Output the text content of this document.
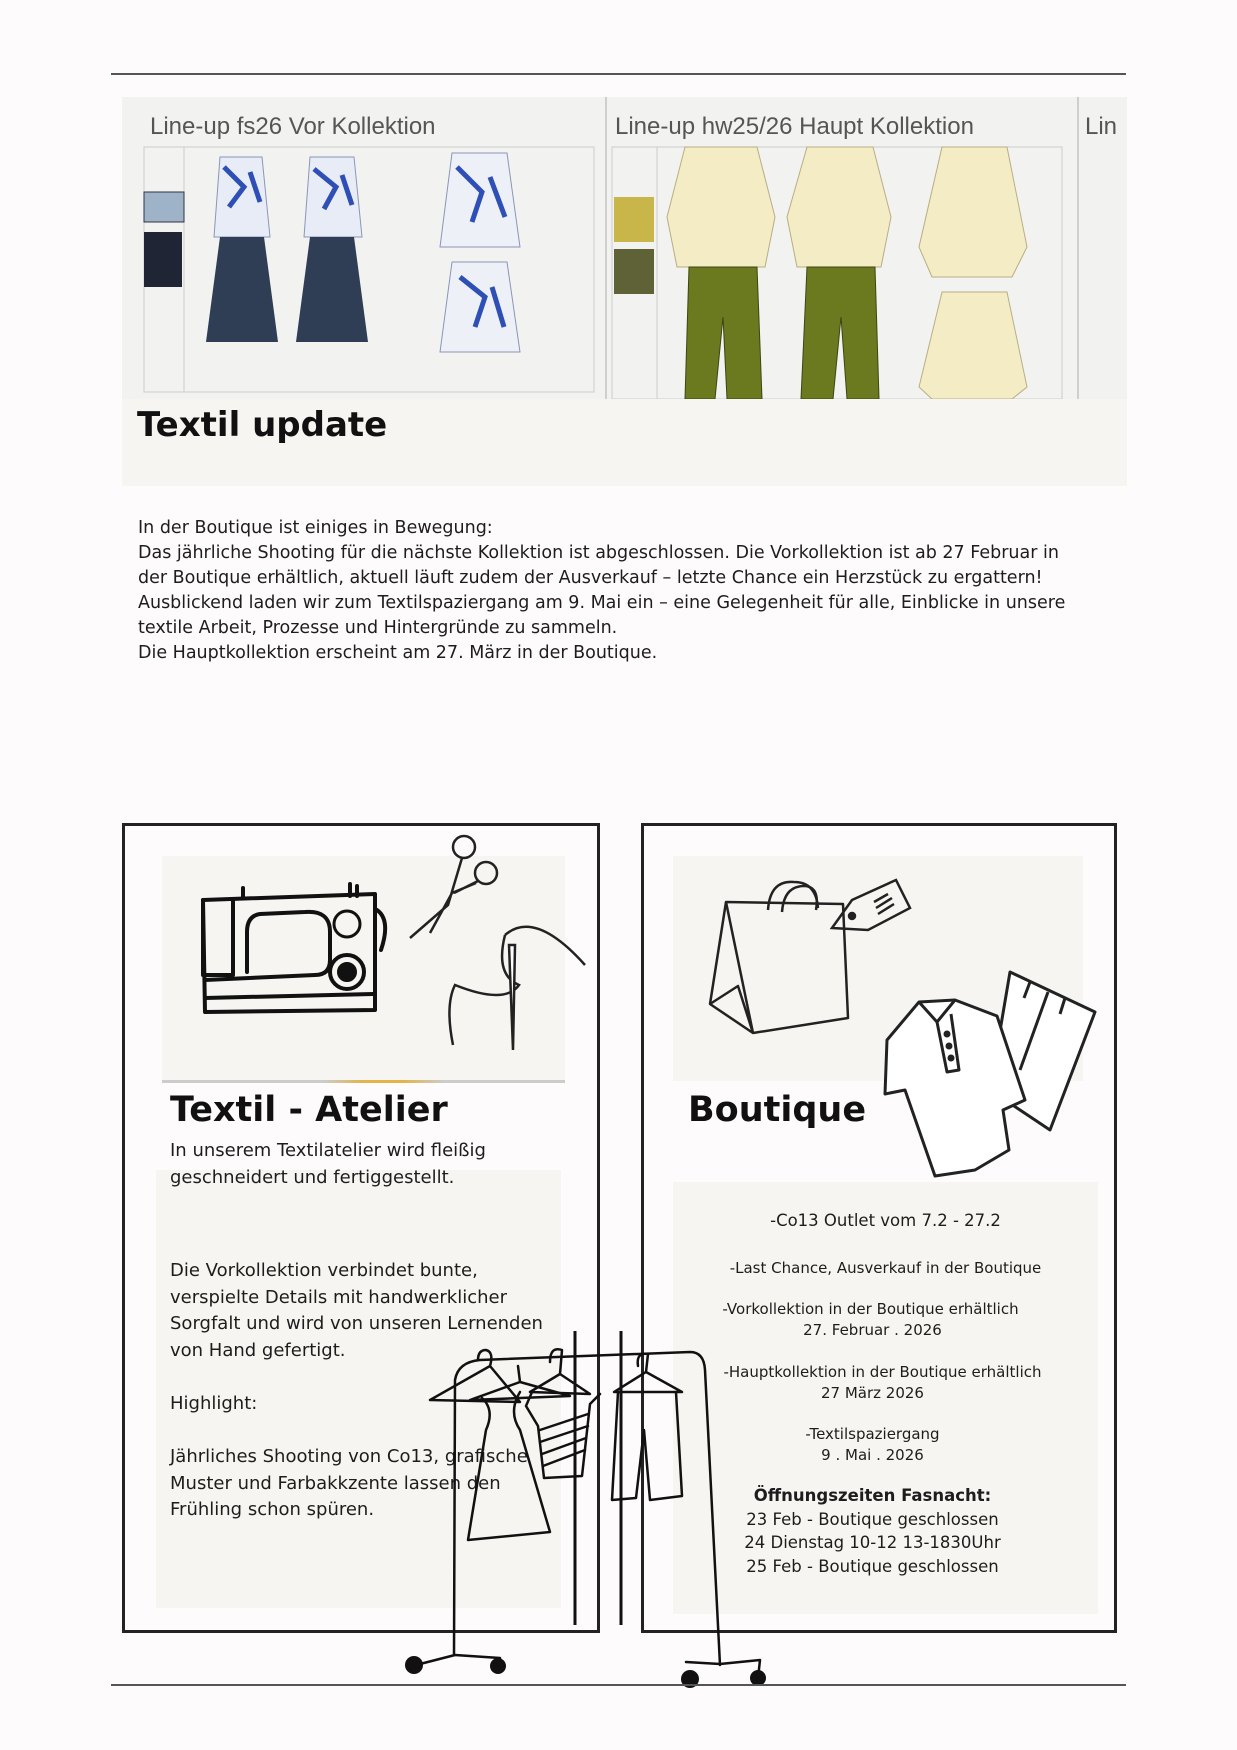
Line-up fs26 Vor Kollektion	Line-up hw25/26 Haupt Kollektion	Lin
Textil update

In der Boutique ist einiges in Bewegung:

Das jährliche Shooting für die nächste Kollektion ist abgeschlossen. Die Vorkollektion ist ab 27 Februar in der Boutique erhältlich, aktuell läuft zudem der Ausverkauf – letzte Chance ein Herzstück zu ergattern!

Ausblickend laden wir zum Textilspaziergang am 9. Mai ein – eine Gelegenheit für alle, Einblicke in unsere textile Arbeit, Prozesse und Hintergründe zu sammeln.

Die Hauptkollektion erscheint am 27. März in der Boutique.

Textil - Atelier
In unserem Textilatelier wird fleißig geschneidert und fertiggestellt.
Die Vorkollektion verbindet bunte, verspielte Details mit handwerklicher Sorgfalt und wird von unseren Lernenden von Hand gefertigt.
Highlight:
Jährliches Shooting von Co13, grafische Muster und Farbakkzente lassen den Frühling schon spüren.
Boutique
-Co13 Outlet vom 7.2 - 27.2
-Last Chance, Ausverkauf in der Boutique
-Vorkollektion in der Boutique erhältlich
27. Februar . 2026
-Hauptkollektion in der Boutique erhältlich
27 März 2026
-Textilspaziergang
9 . Mai . 2026
Öffnungszeiten Fasnacht:
23 Feb - Boutique geschlossen
24 Dienstag 10-12 13-1830Uhr
25 Feb - Boutique geschlossen
